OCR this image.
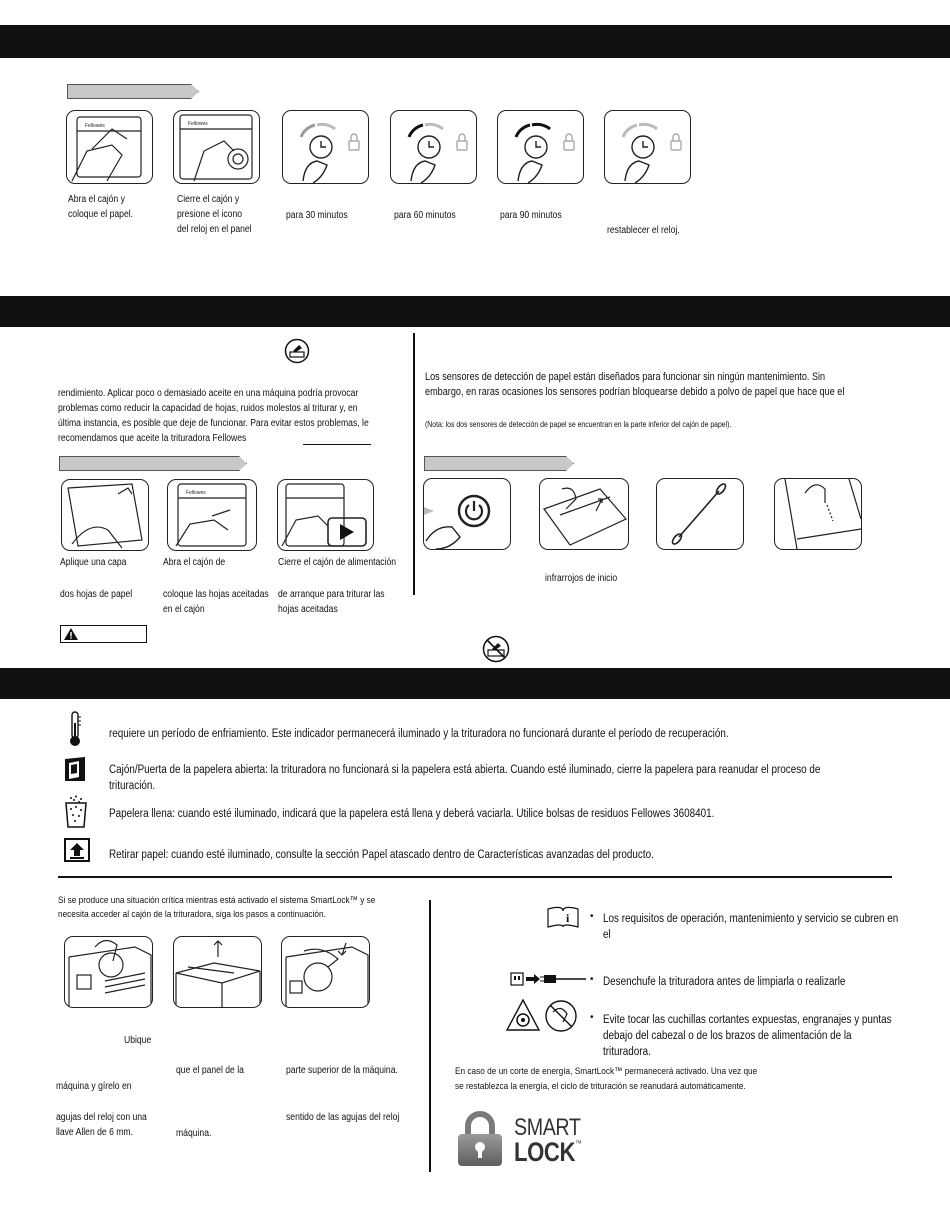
Fellowes	Fellowes
Abra el cajón y
coloque el papel.
Cierre el cajón y
presione el icono
del reloj en el panel
para 30 minutos	para 60 minutos	para 90 minutos
restablecer el reloj.
rendimiento. Aplicar poco o demasiado aceite en una máquina podría provocar
problemas como reducir la capacidad de hojas, ruidos molestos al triturar y, en
última instancia, es posible que deje de funcionar. Para evitar estos problemas, le
recomendamos que aceite la trituradora Fellowes
Fellowes
Aplique una capa
dos hojas de papel
Abra el cajón de
coloque las hojas aceitadas
en el cajón
Cierre el cajón de alimentación
de arranque para triturar las
hojas aceitadas
Los sensores de detección de papel están diseñados para funcionar sin ningún mantenimiento. Sin
embargo, en raras ocasiones los sensores podrían bloquearse debido a polvo de papel que hace que el
(Nota: los dos sensores de detección de papel se encuentran en la parte inferior del cajón de papel).
infrarrojos de inicio
requiere un período de enfriamiento. Este indicador permanecerá iluminado y la trituradora no funcionará durante el período de recuperación.
Cajón/Puerta de la papelera abierta: la trituradora no funcionará si la papelera está abierta. Cuando esté iluminado, cierre la papelera para reanudar el proceso de trituración.
Papelera llena: cuando esté iluminado, indicará que la papelera está llena y deberá vaciarla. Utilice bolsas de residuos Fellowes 3608401.
Retirar papel: cuando esté iluminado, consulte la sección Papel atascado dentro de Características avanzadas del producto.
Si se produce una situación crítica mientras está activado el sistema SmartLock™ y se
necesita acceder al cajón de la trituradora, siga los pasos a continuación.
Ubique
máquina y gírelo en
agujas del reloj con una
llave Allen de 6 mm.
que el panel de la
máquina.
parte superior de la máquina.
sentido de las agujas del reloj
i • Los requisitos de operación, mantenimiento y servicio se cubren en el
• Desenchufe la trituradora antes de limpiarla o realizarle
• Evite tocar las cuchillas cortantes expuestas, engranajes y puntas
debajo del cabezal o de los brazos de alimentación de la trituradora.
En caso de un corte de energía, SmartLock™ permanecerá activado. Una vez que
se restablezca la energía, el ciclo de trituración se reanudará automáticamente.
SMART
LOCK™
